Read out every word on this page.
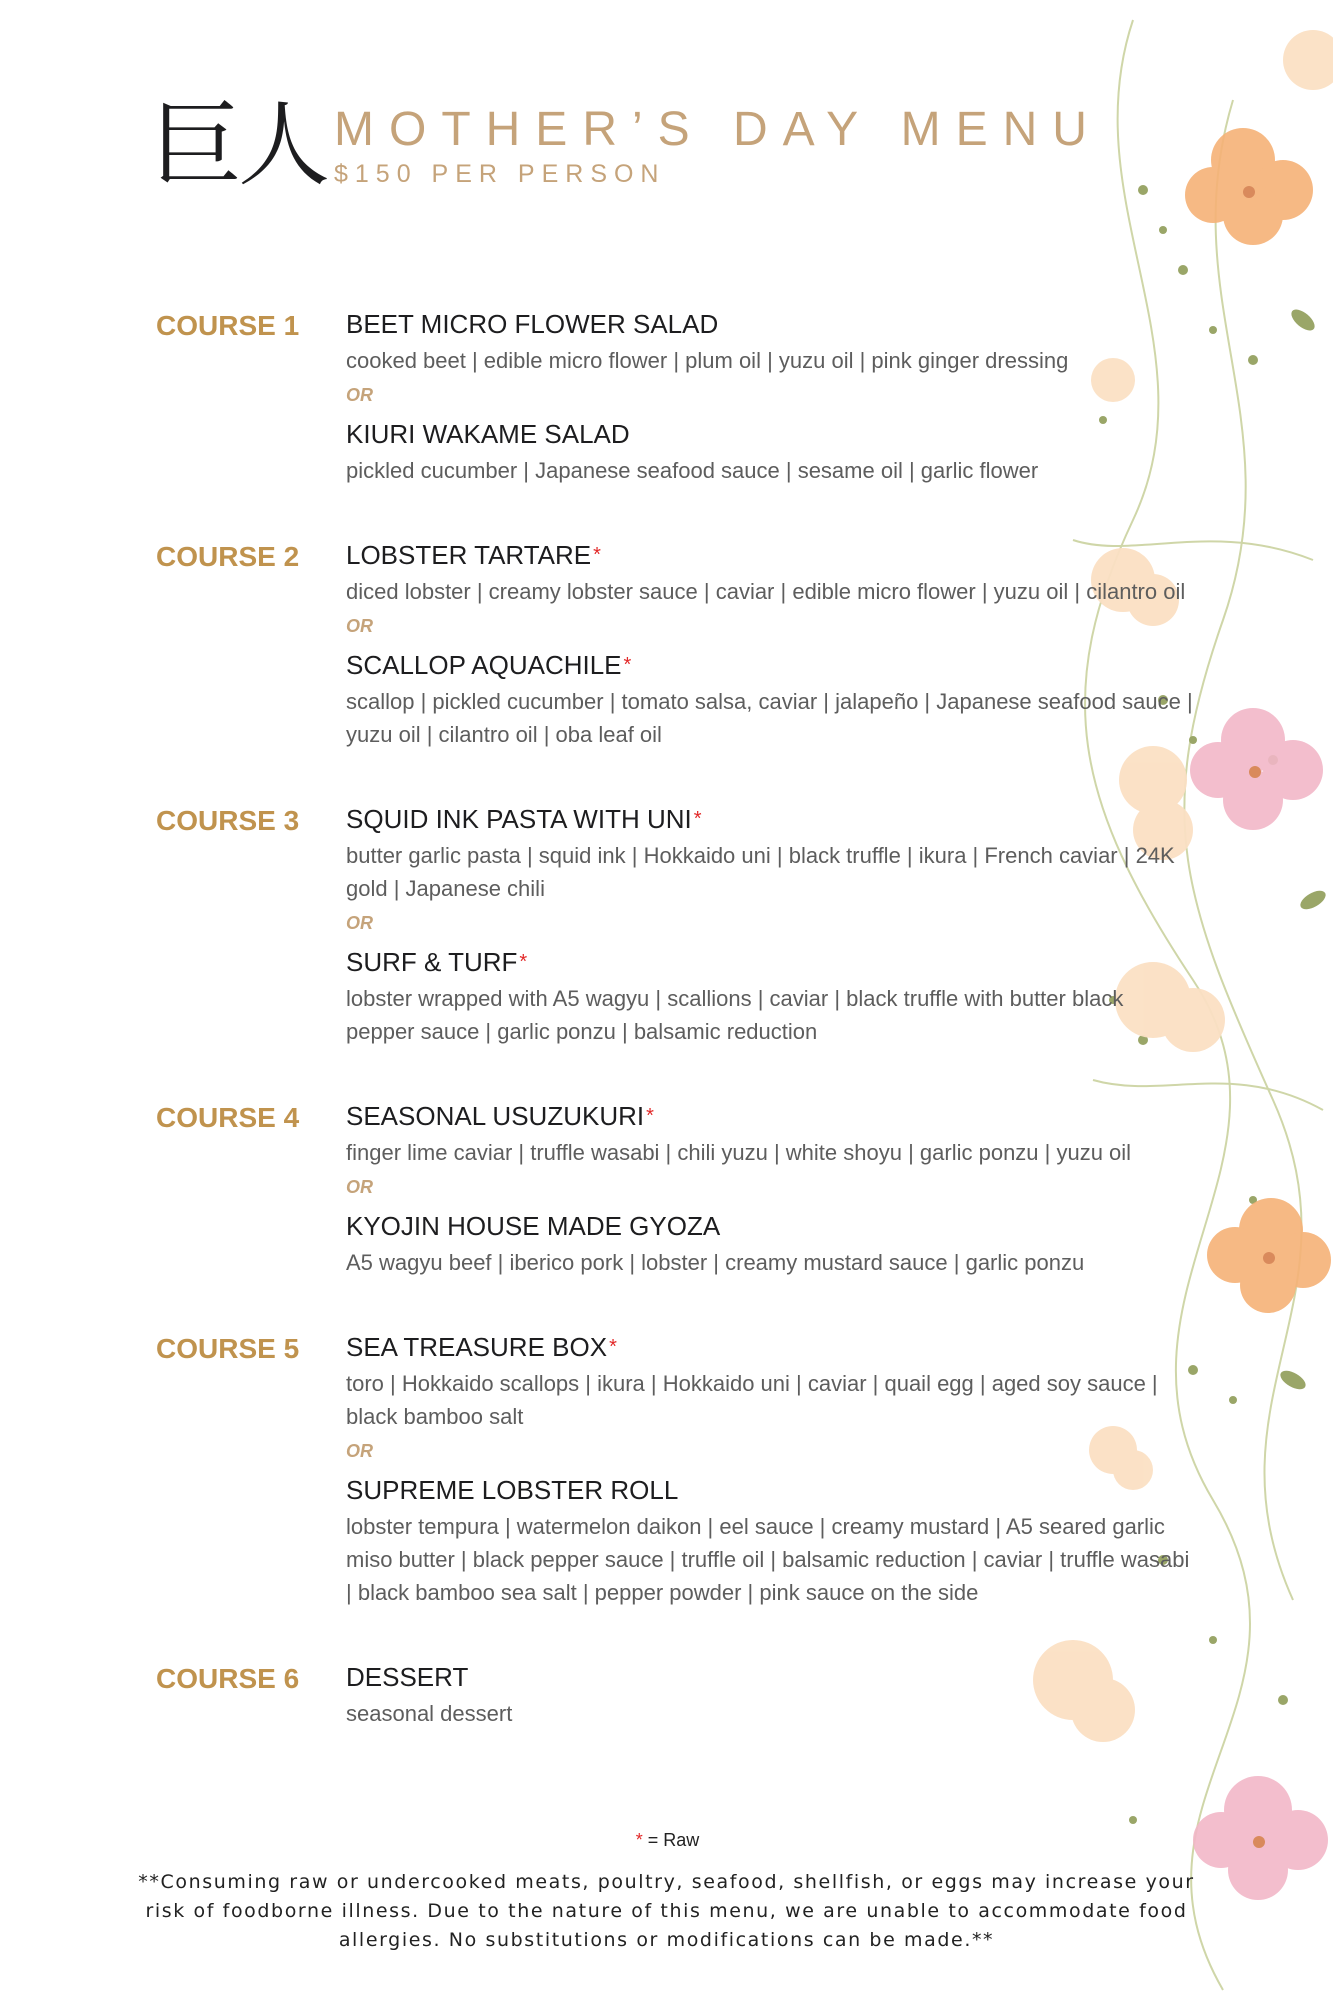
巨人 MOTHER’S DAY MENU
$150 PER PERSON
COURSE 1 BEET MICRO FLOWER SALAD
cooked beet | edible micro flower | plum oil | yuzu oil | pink ginger dressing
OR
KIURI WAKAME SALAD
pickled cucumber | Japanese seafood sauce | sesame oil | garlic flower
COURSE 2 LOBSTER TARTARE *
diced lobster | creamy lobster sauce | caviar | edible micro flower | yuzu oil | cilantro oil
OR
SCALLOP AQUACHILE *
scallop | pickled cucumber | tomato salsa, caviar | jalapeño | Japanese seafood sauce | yuzu oil | cilantro oil | oba leaf oil
COURSE 3 SQUID INK PASTA WITH UNI *
butter garlic pasta | squid ink | Hokkaido uni | black truffle | ikura | French caviar | 24K gold | Japanese chili
OR
SURF & TURF *
lobster wrapped with A5 wagyu | scallions | caviar | black truffle with butter black pepper sauce | garlic ponzu | balsamic reduction
COURSE 4 SEASONAL USUZUKURI *
finger lime caviar | truffle wasabi | chili yuzu | white shoyu | garlic ponzu | yuzu oil
OR
KYOJIN HOUSE MADE GYOZA
A5 wagyu beef | iberico pork | lobster | creamy mustard sauce | garlic ponzu
COURSE 5 SEA TREASURE BOX *
toro | Hokkaido scallops | ikura | Hokkaido uni | caviar | quail egg | aged soy sauce | black bamboo salt
OR
SUPREME LOBSTER ROLL
lobster tempura | watermelon daikon | eel sauce | creamy mustard | A5 seared garlic miso butter | black pepper sauce | truffle oil | balsamic reduction | caviar | truffle wasabi | black bamboo sea salt | pepper powder | pink sauce on the side
COURSE 6 DESSERT
seasonal dessert
* = Raw
**Consuming raw or undercooked meats, poultry, seafood, shellfish, or eggs may increase your risk of foodborne illness. Due to the nature of this menu, we are unable to accommodate food allergies. No substitutions or modifications can be made.**
